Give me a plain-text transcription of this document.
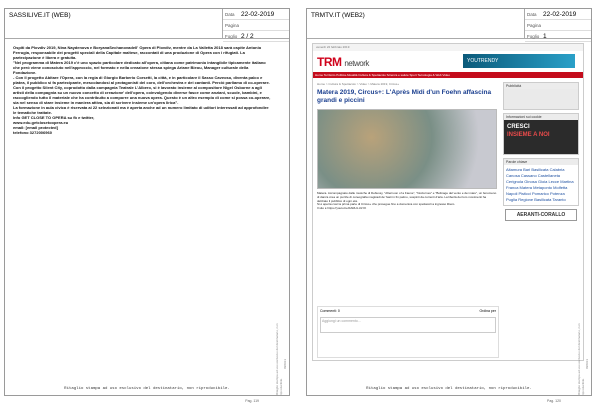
SASSILIVE.IT (WEB)	Data 22-02-2019
Pagina
Foglio 2 / 2

Ospiti da Plovdiv 2019, Nina Naydenova e BoryanaSechanovadell' Opera di Plovdiv, mentre da La Valletta 2018 sarà ospite Antonio Ferrugia, responsabile dei progetti speciali della Capitale maltese, raccontati di una produzione di Opera con i rifugiati. La partecipazione è libera e gratuita.
"Nel programma di Matera 2019 c'è uno spazio particolare dedicato all'opera, citiana come patrimonio intangibile tipicamente italiano che però viene conosciuto nell'approccio, nel formato e nella creazione stessa spiega Ariane Bieou, Manager culturale della Fondazione.
- Con il progetto Abitare l'Opera, con la regia di Giorgio Barberio Corsetti, la città, e in particolare il Sasso Caveoso, diventa palco e platea, il pubblico si fa partecipante, mescolandosi al protagonisti del coro, dell'orchestra e dei cantanti. Perciò parliamo di co-operare. Con il progetto Silent City, coprodotto dalla compagnia Teatrale L'Albero, si è lavorato insieme al compositore Nigel Osborne a agli artisti della compagnia su un nuovo concetto di creazione' dell'opera, coinvolgendo diverse fasce come anziani, scuole, bambini, e raccogliendo tutto il materiale che ha contribuito a comporre una nuova opera. Questo è un altro esempio di come si possa co-operare, sia nel senso di stare insieme in maniera attiva, sia di scrivere insieme un'opera lirica".
La formazione in aula civica è riservata ai 22 selezionati ma è aperta anche ad un numero limitato di uditori interessati ad approfondire le tematiche trattate.
Info GET CLOSE TO OPERA su fb e twitter,
www.edu.getclosetoopera.eu
email: [email protected]
telefono 3272006960

Ritaglio stampa ad uso esclusivo del destinatario, non riproducibile.
098913
Ritaglio stampa ad uso esclusivo del destinatario, non riproducibile.
Pag. 119
TRMTV.IT (WEB2)	Data 22-02-2019
Pagina
Foglio 1
venerdì 22 febbraio 2019
TRM network	YOUTRENDY
Home Territorio Politica Attualità Cultura & Spettacolo Scienza e salute Sport Tecnologia & Web Video
Home > Cultura & Spettacolo > Video > Matera 2019, Circus+
Matera 2019, Circus+: L'Après Midi d'un Foehn affascina grandi e piccini
Matera. Accompagnato dalle musiche di Debussy, "Afternoon of a Faune", "Nocturnes" e "Bolinage del vento e dei mare", un fenomeno di danza crea un puzzle di coreografia magicadi de' fasti in fin palmo, sospinti da correnti d'aria. La libertà dei loro movimenti ha deliziato il pubblico di ogni età.
Si è aperta così la prima parte di Circus+ che prosegue fino a domenica con spettacoli a ingresso libero.
Il sito è https://youtu.be/FARLILULYK
Pubblicità
Informazioni sui cookie
CRESCI
INSIEME A NOI
Parole chiave
Altamura Bari Basilicata Calabria Canosa Cassano Castellaneta Cerignola Ginosa Gioia Lecce Martina Franca Matera Metaponto Molfetta Napoli Pisticci Pomarico Potenza Puglia Regione Basilicata Taranto
AERANTI-CORALLO
Commenti: 0	Ordina per
Aggiungi un commento...
Ritaglio stampa ad uso esclusivo del destinatario, non riproducibile.
098913
Ritaglio stampa ad uso esclusivo del destinatario, non riproducibile.
Pag. 120
